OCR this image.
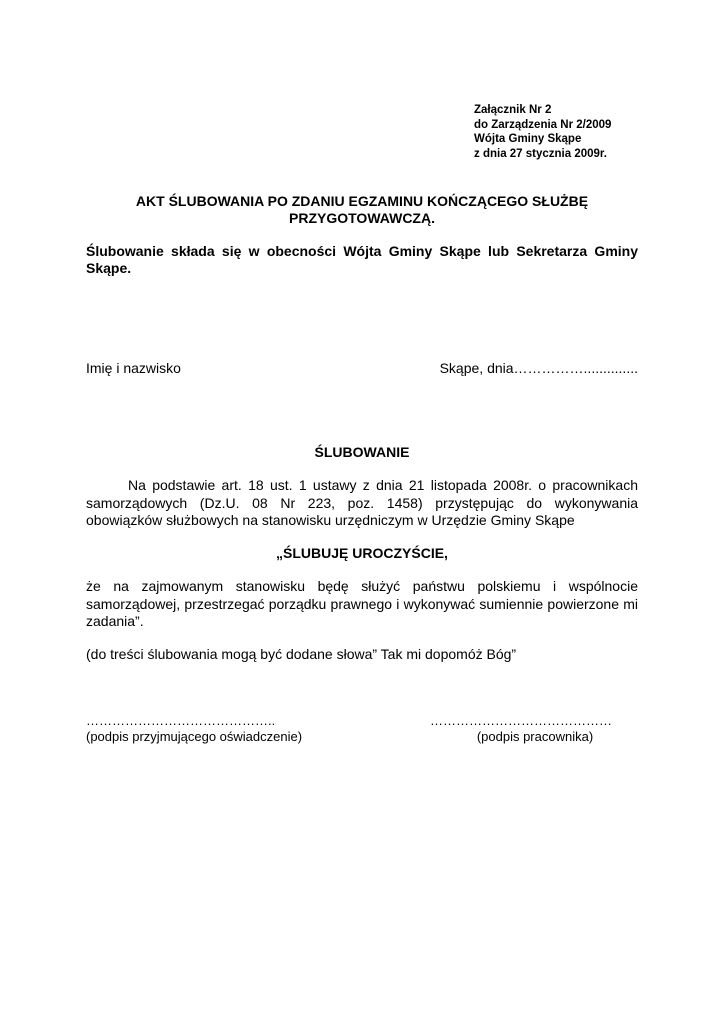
Załącznik Nr 2
do Zarządzenia Nr 2/2009
Wójta Gminy Skąpe
z dnia 27 stycznia 2009r.
AKT ŚLUBOWANIA PO ZDANIU EGZAMINU KOŃCZĄCEGO SŁUŻBĘ PRZYGOTOWAWCZĄ.
Ślubowanie składa się w obecności Wójta Gminy Skąpe lub Sekretarza Gminy Skąpe.
Imię i nazwisko	Skąpe, dnia……………..............
ŚLUBOWANIE
Na podstawie art. 18 ust. 1 ustawy z dnia 21 listopada 2008r. o pracownikach samorządowych (Dz.U. 08 Nr 223, poz. 1458) przystępując do wykonywania obowiązków służbowych na stanowisku urzędniczym w Urzędzie Gminy Skąpe
„ŚLUBUJĘ UROCZYŚCIE,
że na zajmowanym stanowisku będę służyć państwu polskiemu i wspólnocie samorządowej, przestrzegać porządku prawnego i wykonywać sumiennie powierzone mi zadania”.
(do treści ślubowania mogą być dodane słowa” Tak mi dopomóż Bóg”
……………………………………..
(podpis przyjmującego oświadczenie)
……………………………………
(podpis pracownika)
